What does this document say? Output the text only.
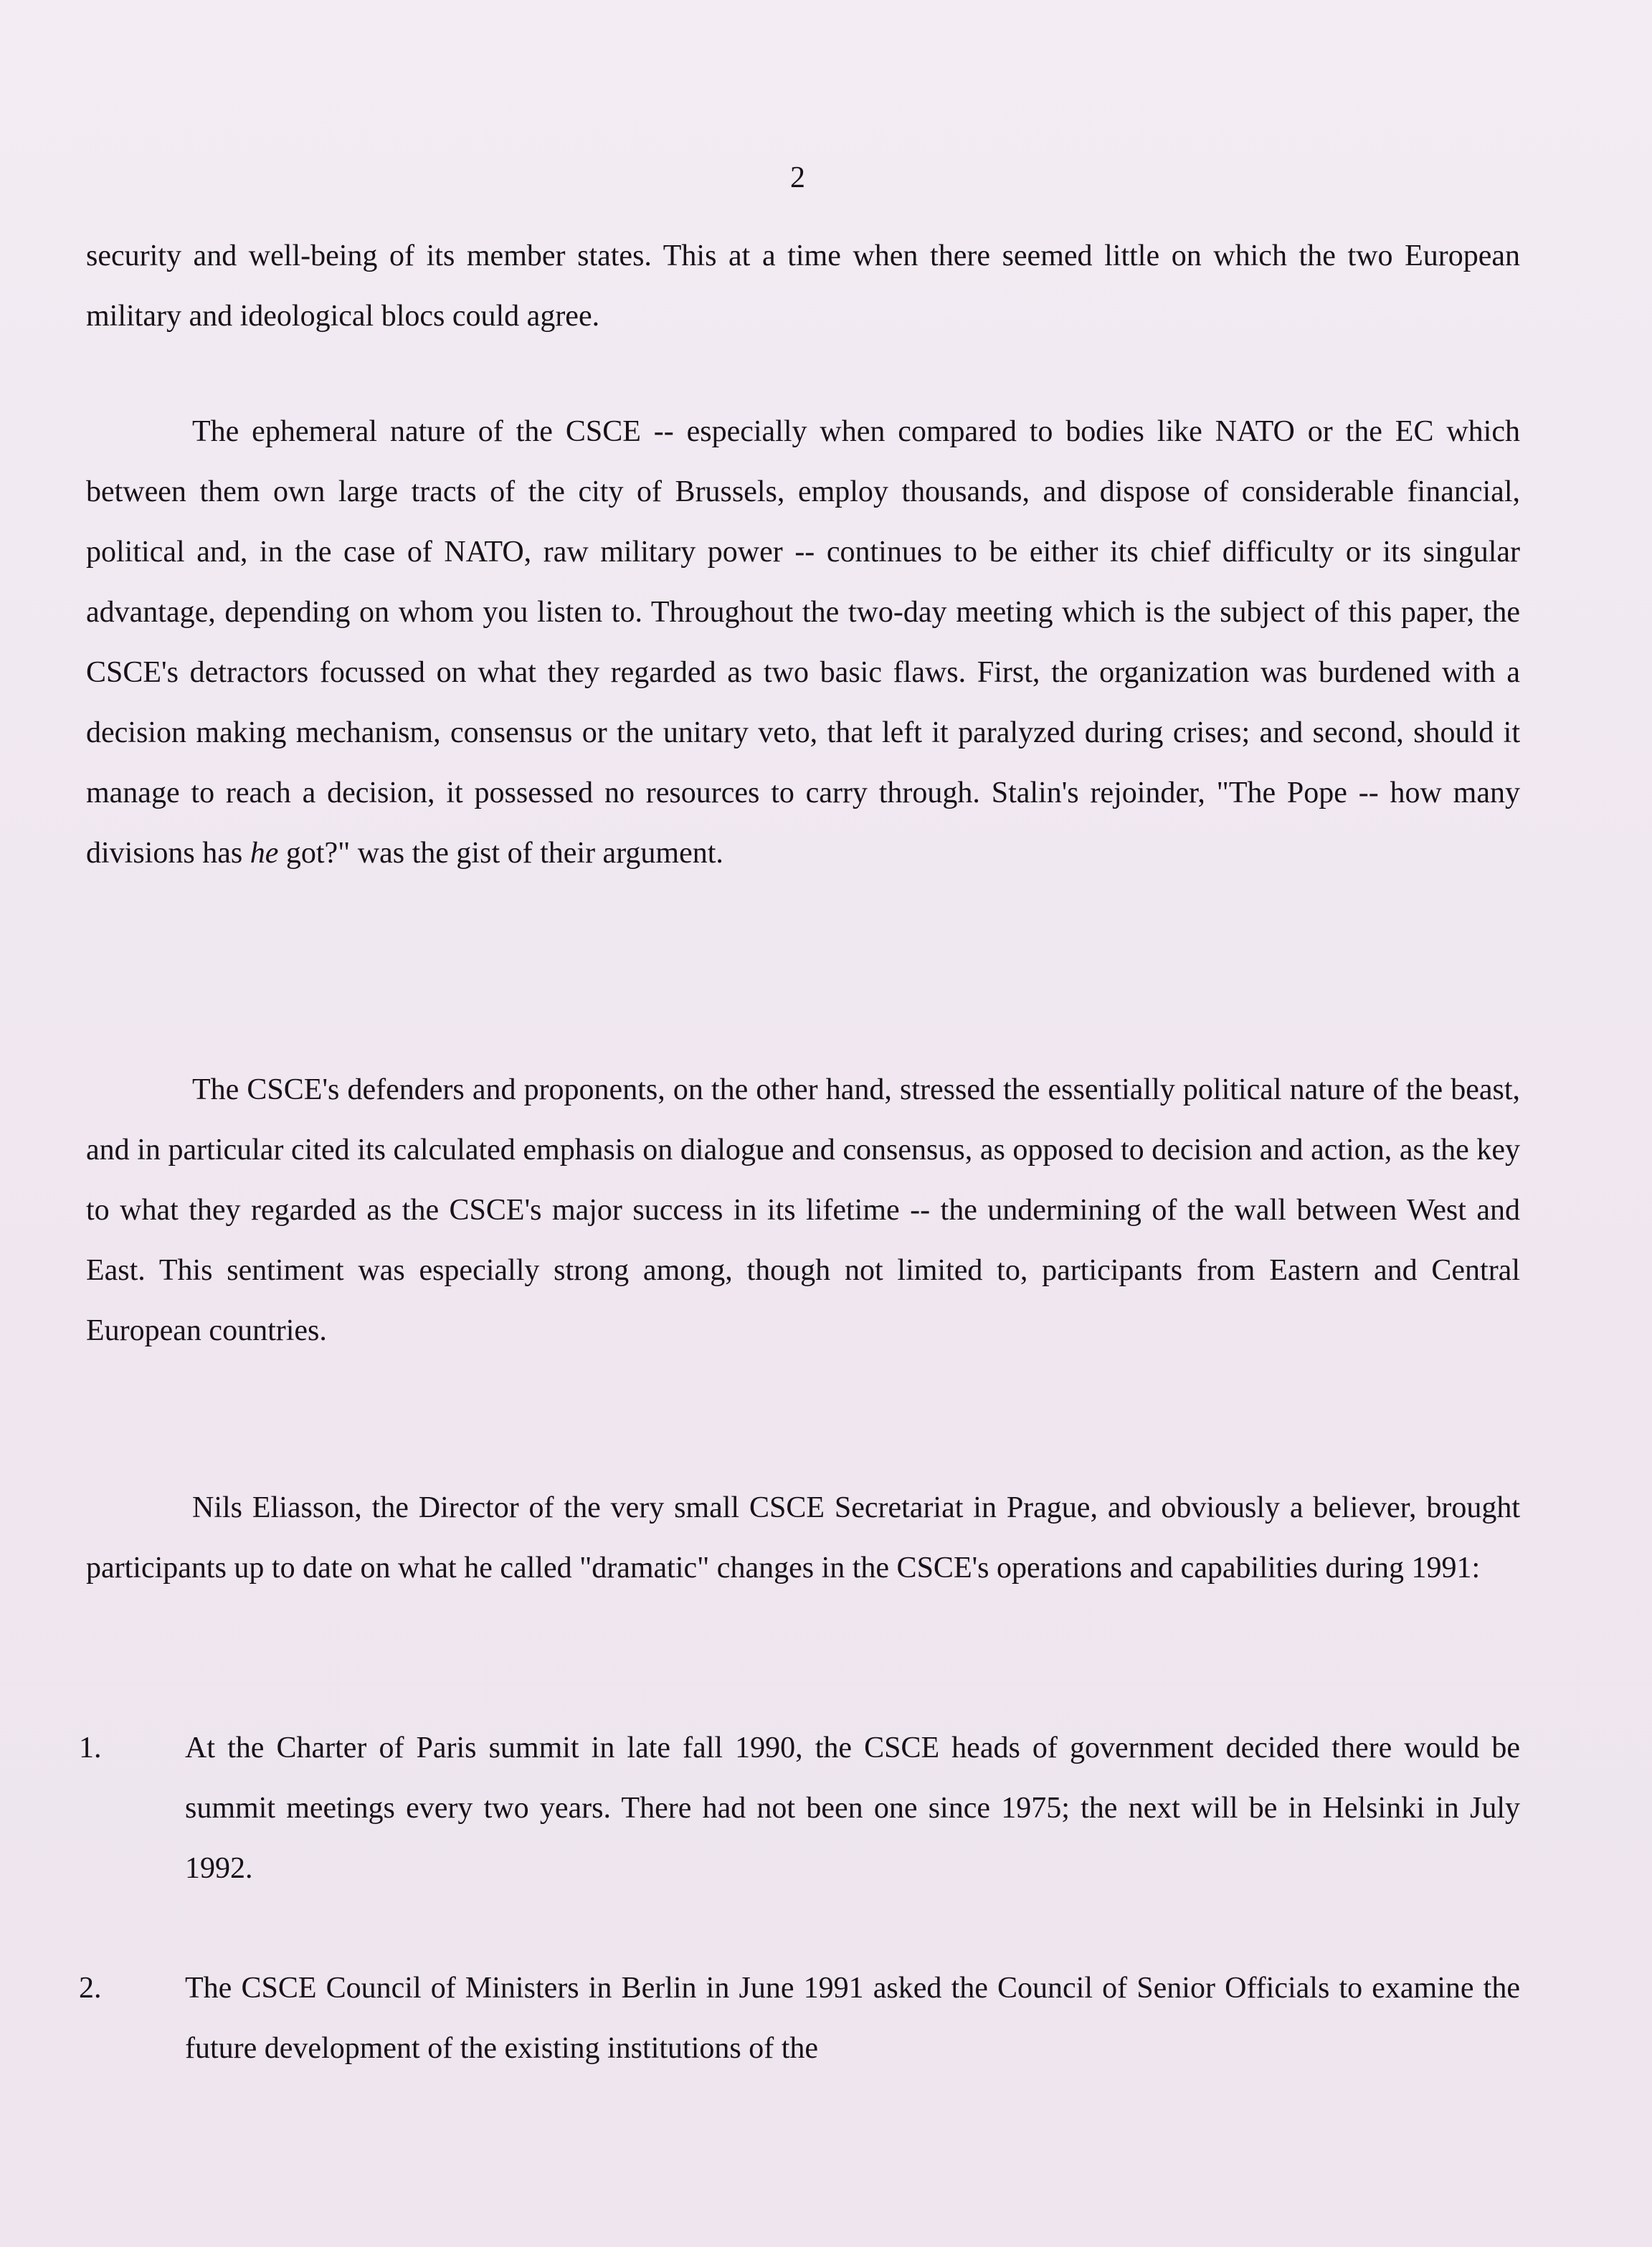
2

security and well-being of its member states. This at a time when there seemed little on which the two European military and ideological blocs could agree.

The ephemeral nature of the CSCE -- especially when compared to bodies like NATO or the EC which between them own large tracts of the city of Brussels, employ thousands, and dispose of considerable financial, political and, in the case of NATO, raw military power -- continues to be either its chief difficulty or its singular advantage, depending on whom you listen to. Throughout the two-day meeting which is the subject of this paper, the CSCE's detractors focussed on what they regarded as two basic flaws. First, the organization was burdened with a decision making mechanism, consensus or the unitary veto, that left it paralyzed during crises; and second, should it manage to reach a decision, it possessed no resources to carry through. Stalin's rejoinder, "The Pope -- how many divisions has he got?" was the gist of their argument.

The CSCE's defenders and proponents, on the other hand, stressed the essentially political nature of the beast, and in particular cited its calculated emphasis on dialogue and consensus, as opposed to decision and action, as the key to what they regarded as the CSCE's major success in its lifetime -- the undermining of the wall between West and East. This sentiment was especially strong among, though not limited to, participants from Eastern and Central European countries.

Nils Eliasson, the Director of the very small CSCE Secretariat in Prague, and obviously a believer, brought participants up to date on what he called "dramatic" changes in the CSCE's operations and capabilities during 1991:

1.	At the Charter of Paris summit in late fall 1990, the CSCE heads of government decided there would be summit meetings every two years. There had not been one since 1975; the next will be in Helsinki in July 1992.

2.	The CSCE Council of Ministers in Berlin in June 1991 asked the Council of Senior Officials to examine the future development of the existing institutions of the
